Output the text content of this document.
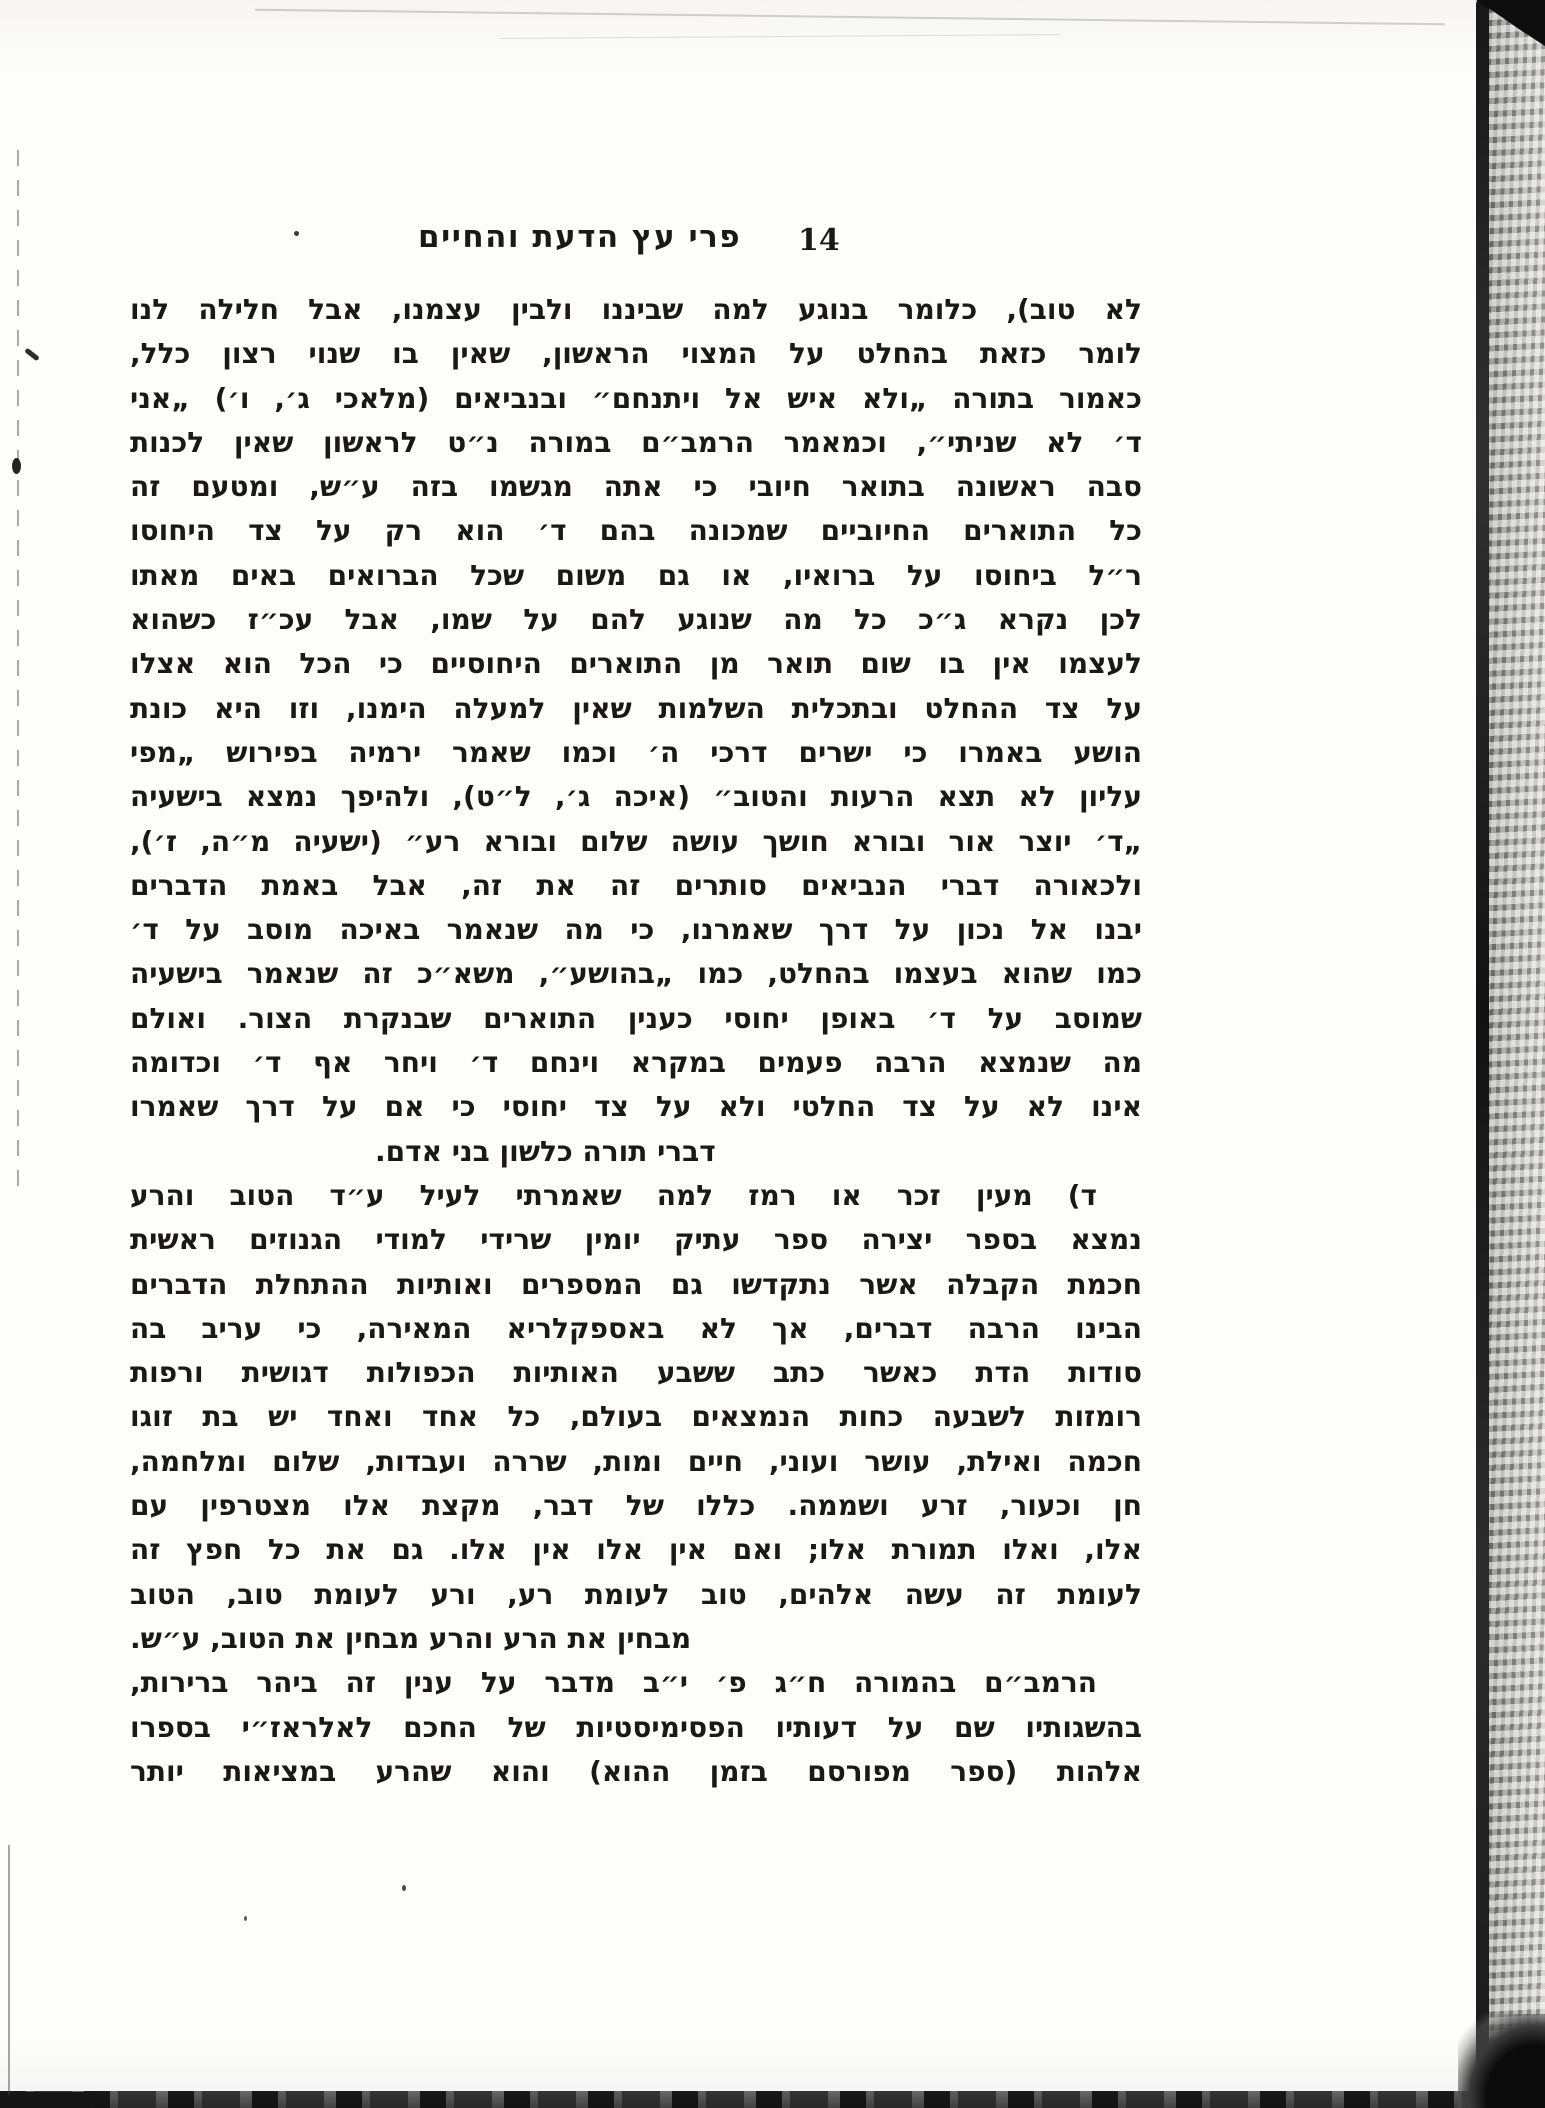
פרי עץ הדעת והחיים 14
לא טוב), כלומר בנוגע למה שביננו ולבין עצמנו, אבל חלילה לנו
לומר כזאת בהחלט על המצוי הראשון, שאין בו שנוי רצון כלל,
כאמור בתורה „ולא איש אל ויתנחם״ ובנביאים (מלאכי ג׳, ו׳) „אני
ד׳ לא שניתי״, וכמאמר הרמב״ם במורה נ״ט לראשון שאין לכנות
סבה ראשונה בתואר חיובי כי אתה מגשמו בזה ע״ש, ומטעם זה
כל התוארים החיוביים שמכונה בהם ד׳ הוא רק על צד היחוסו
ר״ל ביחוסו על ברואיו, או גם משום שכל הברואים באים מאתו
לכן נקרא ג״כ כל מה שנוגע להם על שמו, אבל עכ״ז כשהוא
לעצמו אין בו שום תואר מן התוארים היחוסיים כי הכל הוא אצלו
על צד ההחלט ובתכלית השלמות שאין למעלה הימנו, וזו היא כונת
הושע באמרו כי ישרים דרכי ה׳ וכמו שאמר ירמיה בפירוש „מפי
עליון לא תצא הרעות והטוב״ (איכה ג׳, ל״ט), ולהיפך נמצא בישעיה
„ד׳ יוצר אור ובורא חושך עושה שלום ובורא רע״ (ישעיה מ״ה, ז׳),
ולכאורה דברי הנביאים סותרים זה את זה, אבל באמת הדברים
יבנו אל נכון על דרך שאמרנו, כי מה שנאמר באיכה מוסב על ד׳
כמו שהוא בעצמו בהחלט, כמו „בהושע״, משא״כ זה שנאמר בישעיה
שמוסב על ד׳ באופן יחוסי כענין התוארים שבנקרת הצור. ואולם
מה שנמצא הרבה פעמים במקרא וינחם ד׳ ויחר אף ד׳ וכדומה
אינו לא על צד החלטי ולא על צד יחוסי כי אם על דרך שאמרו
דברי תורה כלשון בני אדם.
ד) מעין זכר או רמז למה שאמרתי לעיל ע״ד הטוב והרע
נמצא בספר יצירה ספר עתיק יומין שרידי למודי הגנוזים ראשית
חכמת הקבלה אשר נתקדשו גם המספרים ואותיות ההתחלת הדברים
הבינו הרבה דברים, אך לא באספקלריא המאירה, כי עריב בה
סודות הדת כאשר כתב ששבע האותיות הכפולות דגושית ורפות
רומזות לשבעה כחות הנמצאים בעולם, כל אחד ואחד יש בת זוגו
חכמה ואילת, עושר ועוני, חיים ומות, שררה ועבדות, שלום ומלחמה,
חן וכעור, זרע ושממה. כללו של דבר, מקצת אלו מצטרפין עם
אלו, ואלו תמורת אלו; ואם אין אלו אין אלו. גם את כל חפץ זה
לעומת זה עשה אלהים, טוב לעומת רע, ורע לעומת טוב, הטוב
מבחין את הרע והרע מבחין את הטוב, ע״ש.
הרמב״ם בהמורה ח״ג פ׳ י״ב מדבר על ענין זה ביהר ברירות,
בהשגותיו שם על דעותיו הפסימיסטיות של החכם לאלראז״י בספרו
אלהות (ספר מפורסם בזמן ההוא) והוא שהרע במציאות יותר
